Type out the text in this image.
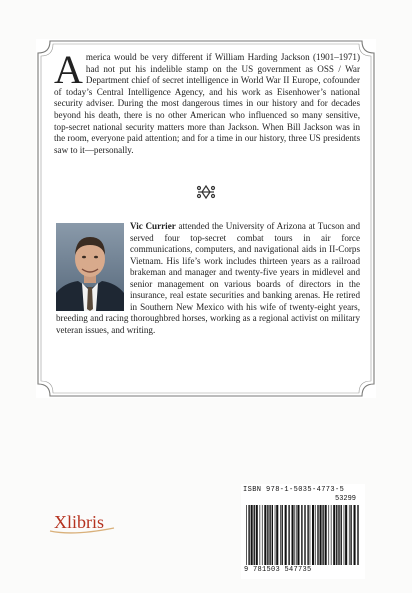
America would be very different if William Harding Jackson (1901–1971) had not put his indelible stamp on the US government as OSS / War Department chief of secret intelligence in World War II Europe, cofounder of today’s Central Intelligence Agency, and his work as Eisenhower’s national security adviser. During the most dangerous times in our history and for decades beyond his death, there is no other American who influenced so many sensitive, top-secret national security matters more than Jackson. When Bill Jackson was in the room, everyone paid attention; and for a time in our history, three US presidents saw to it—personally.

Vic Currier attended the University of Arizona at Tucson and served four top-secret combat tours in air force communications, computers, and navigational aids in II-Corps Vietnam. His life’s work includes thirteen years as a railroad brakeman and manager and twenty-five years in midlevel and senior management on various boards of directors in the insurance, real estate securities and banking arenas. He retired in Southern New Mexico with his wife of twenty-eight years, breeding and racing thoroughbred horses, working as a regional activist on military veteran issues, and writing.

Xlibris
ISBN 978-1-5035-4773-5
53299
9 781503 547735
